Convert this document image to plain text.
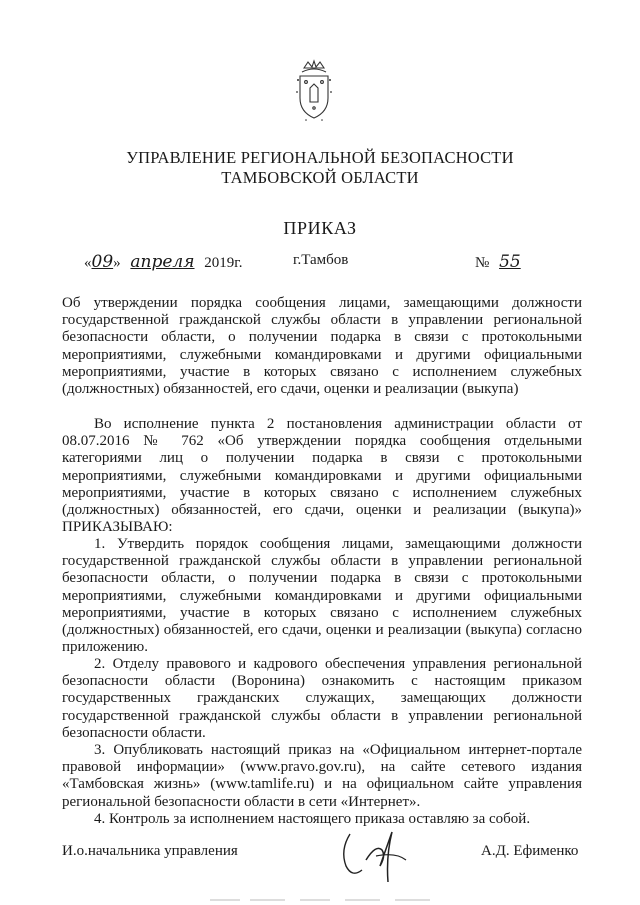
УПРАВЛЕНИЕ РЕГИОНАЛЬНОЙ БЕЗОПАСНОСТИ
ТАМБОВСКОЙ ОБЛАСТИ
ПРИКАЗ
«09» апреля 2019г.	г.Тамбов	№ 55
Об утверждении порядка сообщения лицами, замещающими должности
государственной гражданской службы области в управлении региональной
безопасности области, о получении подарка в связи с протокольными
мероприятиями, служебными командировками и другими официальными
мероприятиями, участие в которых связано с исполнением служебных
(должностных) обязанностей, его сдачи, оценки и реализации (выкупа)
Во исполнение пункта 2 постановления администрации области от
08.07.2016 № 762 «Об утверждении порядка сообщения отдельными
категориями лиц о получении подарка в связи с протокольными
мероприятиями, служебными командировками и другими официальными
мероприятиями, участие в которых связано с исполнением служебных
(должностных) обязанностей, его сдачи, оценки и реализации (выкупа)»
ПРИКАЗЫВАЮ:
1. Утвердить порядок сообщения лицами, замещающими должности
государственной гражданской службы области в управлении региональной
безопасности области, о получении подарка в связи с протокольными
мероприятиями, служебными командировками и другими официальными
мероприятиями, участие в которых связано с исполнением служебных
(должностных) обязанностей, его сдачи, оценки и реализации (выкупа) согласно
приложению.
2. Отделу правового и кадрового обеспечения управления региональной
безопасности области (Воронина) ознакомить с настоящим приказом
государственных гражданских служащих, замещающих должности
государственной гражданской службы области в управлении региональной
безопасности области.
3. Опубликовать настоящий приказ на «Официальном интернет-портале
правовой информации» (www.pravo.gov.ru), на сайте сетевого издания
«Тамбовская жизнь» (www.tamlife.ru) и на официальном сайте управления
региональной безопасности области в сети «Интернет».
4. Контроль за исполнением настоящего приказа оставляю за собой.
И.о.начальника управления	А.Д. Ефименко
